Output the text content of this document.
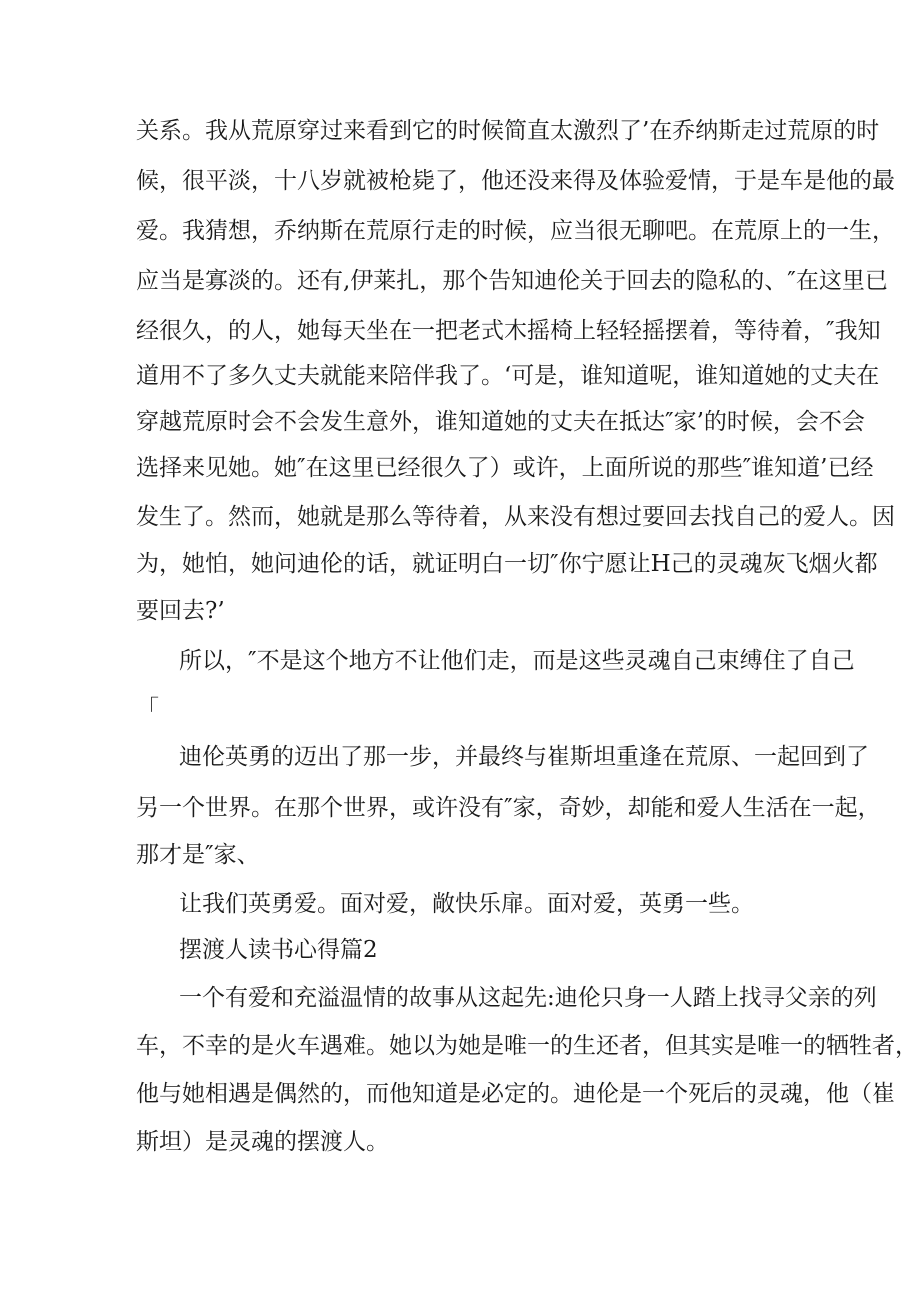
关系。我从荒原穿过来看到它的时候简直太激烈了’在乔纳斯走过荒原的时
候，很平淡，十八岁就被枪毙了，他还没来得及体验爱情，于是车是他的最
爱。我猜想，乔纳斯在荒原行走的时候，应当很无聊吧。在荒原上的一生，
应当是寡淡的。还有,伊莱扎，那个告知迪伦关于回去的隐私的、″在这里已
经很久，的人，她每天坐在一把老式木摇椅上轻轻摇摆着，等待着，″我知
道用不了多久丈夫就能来陪伴我了。‘可是，谁知道呢，谁知道她的丈夫在
穿越荒原时会不会发生意外，谁知道她的丈夫在抵达″家’的时候，会不会
选择来见她。她″在这里已经很久了）或许，上面所说的那些″谁知道’已经
发生了。然而，她就是那么等待着，从来没有想过要回去找自己的爱人。因
为，她怕，她问迪伦的话，就证明白一切″你宁愿让H己的灵魂灰飞烟火都
要回去?’
所以，″不是这个地方不让他们走，而是这些灵魂自己束缚住了自己
「
迪伦英勇的迈出了那一步，并最终与崔斯坦重逢在荒原、一起回到了
另一个世界。在那个世界，或许没有″家，奇妙，却能和爱人生活在一起，
那才是″家、
让我们英勇爱。面对爱，敞快乐扉。面对爱，英勇一些。
摆渡人读书心得篇2
一个有爱和充溢温情的故事从这起先:迪伦只身一人踏上找寻父亲的列
车，不幸的是火车遇难。她以为她是唯一的生还者，但其实是唯一的牺牲者，
他与她相遇是偶然的，而他知道是必定的。迪伦是一个死后的灵魂，他（崔
斯坦）是灵魂的摆渡人。
